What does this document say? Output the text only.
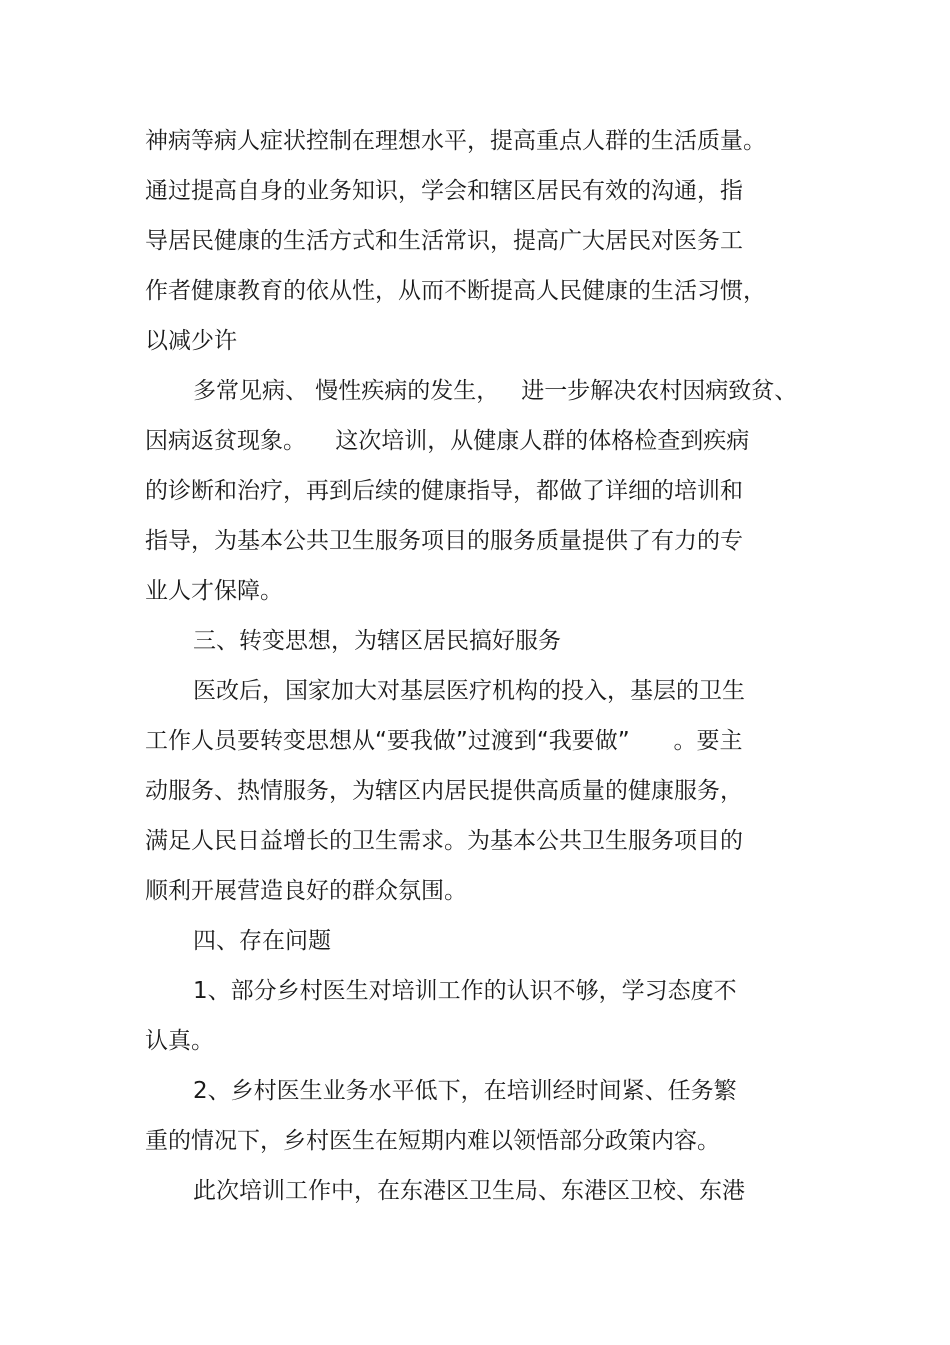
神病等病人症状控制在理想水平，提高重点人群的生活质量。
通过提高自身的业务知识，学会和辖区居民有效的沟通，指
导居民健康的生活方式和生活常识，提高广大居民对医务工
作者健康教育的依从性，从而不断提高人民健康的生活习惯，
以减少许
多常见病、 慢性疾病的发生，   进一步解决农村因病致贫、
因病返贫现象。    这次培训，从健康人群的体格检查到疾病
的诊断和治疗，再到后续的健康指导，都做了详细的培训和
指导，为基本公共卫生服务项目的服务质量提供了有力的专
业人才保障。
三、转变思想，为辖区居民搞好服务
医改后，国家加大对基层医疗机构的投入，基层的卫生
工作人员要转变思想从“要我做”过渡到“我要做”      。要主
动服务、热情服务，为辖区内居民提供高质量的健康服务，
满足人民日益增长的卫生需求。为基本公共卫生服务项目的
顺利开展营造良好的群众氛围。
四、存在问题
1、部分乡村医生对培训工作的认识不够，学习态度不
认真。
2、乡村医生业务水平低下，在培训经时间紧、任务繁
重的情况下，乡村医生在短期内难以领悟部分政策内容。
此次培训工作中，在东港区卫生局、东港区卫校、东港
